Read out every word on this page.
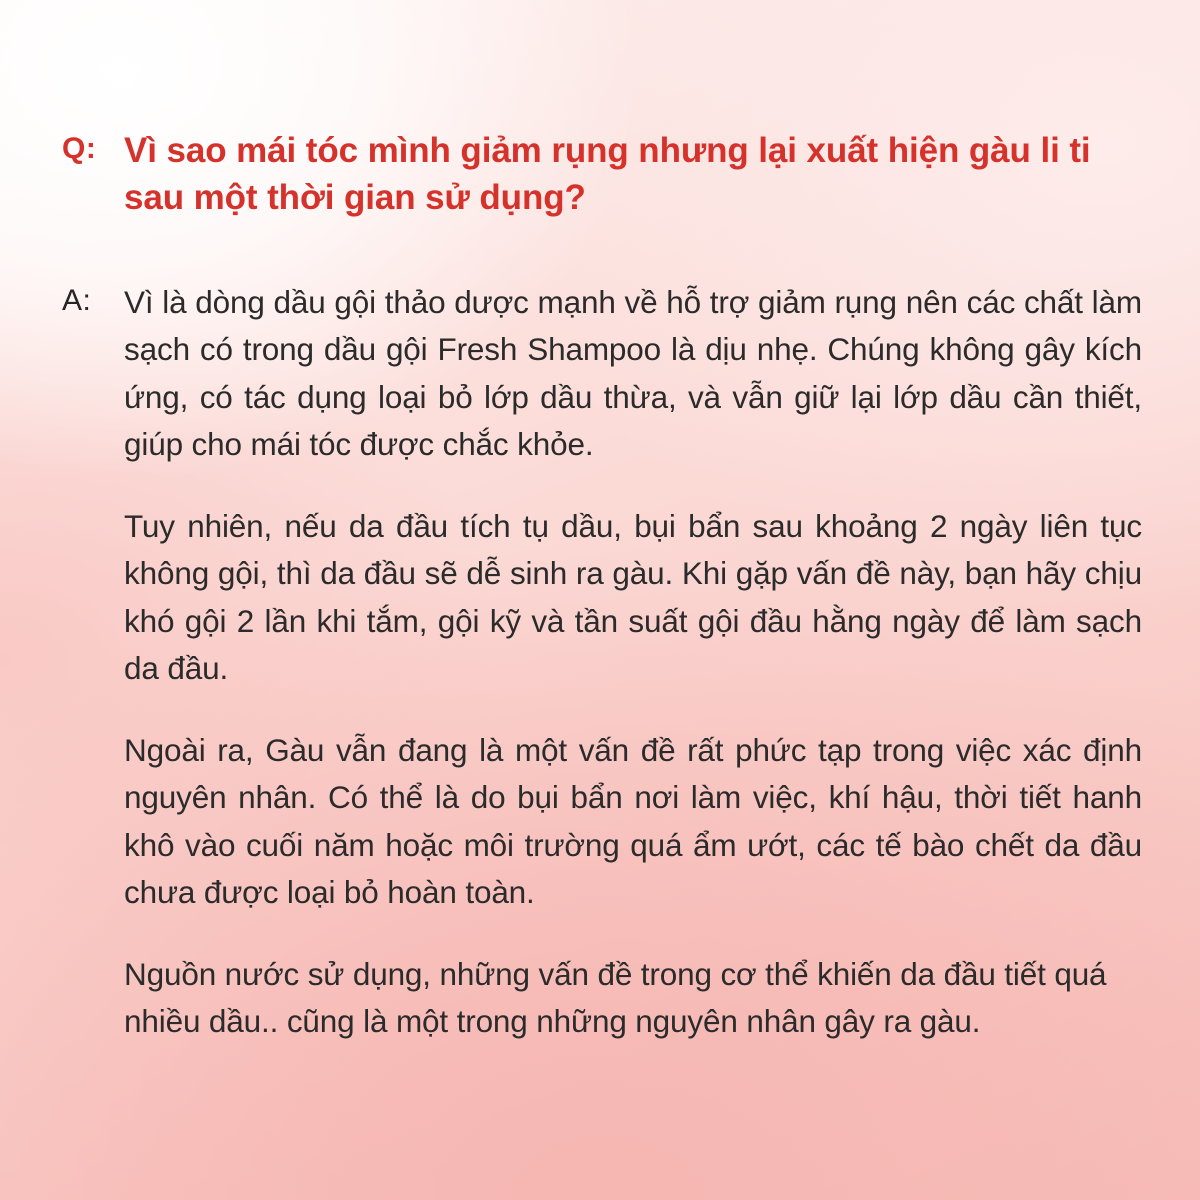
Q: Vì sao mái tóc mình giảm rụng nhưng lại xuất hiện gàu li ti sau một thời gian sử dụng?
A:	Vì là dòng dầu gội thảo dược mạnh về hỗ trợ giảm rụng nên các chất làm sạch có trong dầu gội Fresh Shampoo là dịu nhẹ. Chúng không gây kích ứng, có tác dụng loại bỏ lớp dầu thừa, và vẫn giữ lại lớp dầu cần thiết, giúp cho mái tóc được chắc khỏe.

Tuy nhiên, nếu da đầu tích tụ dầu, bụi bẩn sau khoảng 2 ngày liên tục không gội, thì da đầu sẽ dễ sinh ra gàu. Khi gặp vấn đề này, bạn hãy chịu khó gội 2 lần khi tắm, gội kỹ và tần suất gội đầu hằng ngày để làm sạch da đầu.

Ngoài ra, Gàu vẫn đang là một vấn đề rất phức tạp trong việc xác định nguyên nhân. Có thể là do bụi bẩn nơi làm việc, khí hậu, thời tiết hanh khô vào cuối năm hoặc môi trường quá ẩm ướt, các tế bào chết da đầu chưa được loại bỏ hoàn toàn.

Nguồn nước sử dụng, những vấn đề trong cơ thể khiến da đầu tiết quá nhiều dầu.. cũng là một trong những nguyên nhân gây ra gàu.
